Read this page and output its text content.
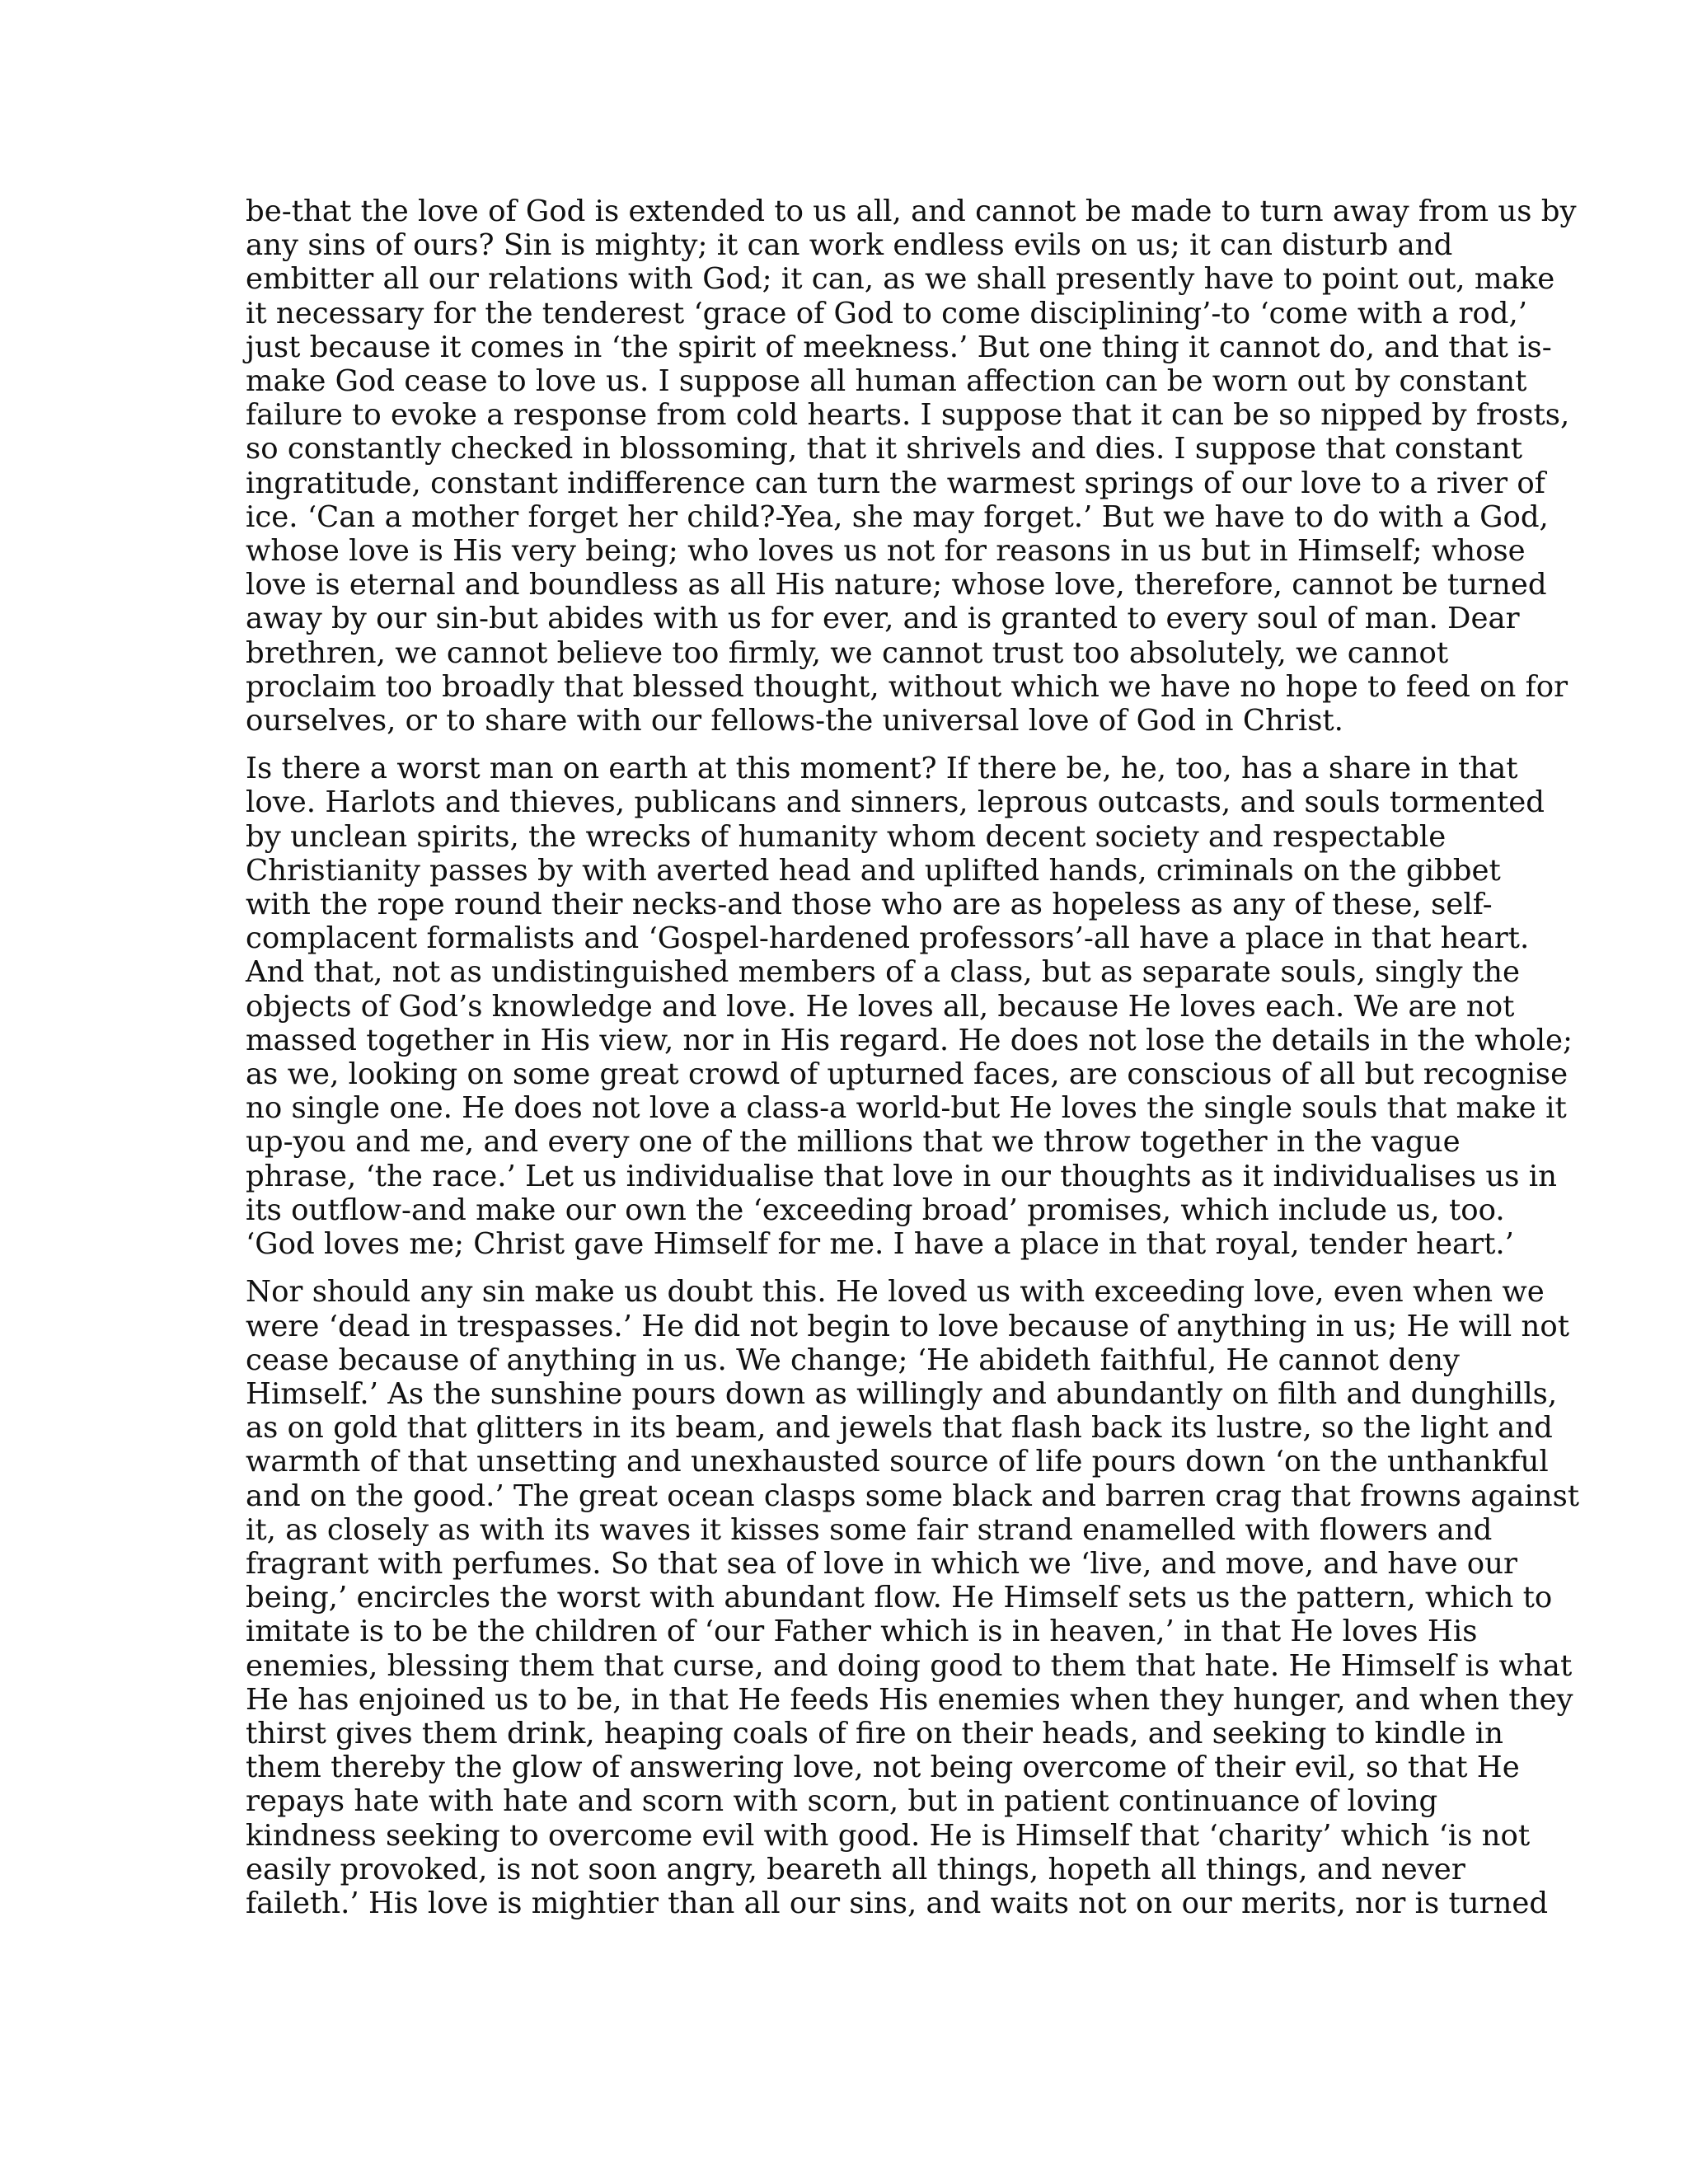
be-that the love of God is extended to us all, and cannot be made to turn away from us by
any sins of ours? Sin is mighty; it can work endless evils on us; it can disturb and
embitter all our relations with God; it can, as we shall presently have to point out, make
it necessary for the tenderest ‘grace of God to come disciplining’-to ‘come with a rod,’
just because it comes in ‘the spirit of meekness.’ But one thing it cannot do, and that is-
make God cease to love us. I suppose all human affection can be worn out by constant
failure to evoke a response from cold hearts. I suppose that it can be so nipped by frosts,
so constantly checked in blossoming, that it shrivels and dies. I suppose that constant
ingratitude, constant indifference can turn the warmest springs of our love to a river of
ice. ‘Can a mother forget her child?-Yea, she may forget.’ But we have to do with a God,
whose love is His very being; who loves us not for reasons in us but in Himself; whose
love is eternal and boundless as all His nature; whose love, therefore, cannot be turned
away by our sin-but abides with us for ever, and is granted to every soul of man. Dear
brethren, we cannot believe too firmly, we cannot trust too absolutely, we cannot
proclaim too broadly that blessed thought, without which we have no hope to feed on for
ourselves, or to share with our fellows-the universal love of God in Christ.

Is there a worst man on earth at this moment? If there be, he, too, has a share in that
love. Harlots and thieves, publicans and sinners, leprous outcasts, and souls tormented
by unclean spirits, the wrecks of humanity whom decent society and respectable
Christianity passes by with averted head and uplifted hands, criminals on the gibbet
with the rope round their necks-and those who are as hopeless as any of these, self-
complacent formalists and ‘Gospel-hardened professors’-all have a place in that heart.
And that, not as undistinguished members of a class, but as separate souls, singly the
objects of God’s knowledge and love. He loves all, because He loves each. We are not
massed together in His view, nor in His regard. He does not lose the details in the whole;
as we, looking on some great crowd of upturned faces, are conscious of all but recognise
no single one. He does not love a class-a world-but He loves the single souls that make it
up-you and me, and every one of the millions that we throw together in the vague
phrase, ‘the race.’ Let us individualise that love in our thoughts as it individualises us in
its outflow-and make our own the ‘exceeding broad’ promises, which include us, too.
‘God loves me; Christ gave Himself for me. I have a place in that royal, tender heart.’

Nor should any sin make us doubt this. He loved us with exceeding love, even when we
were ‘dead in trespasses.’ He did not begin to love because of anything in us; He will not
cease because of anything in us. We change; ‘He abideth faithful, He cannot deny
Himself.’ As the sunshine pours down as willingly and abundantly on filth and dunghills,
as on gold that glitters in its beam, and jewels that flash back its lustre, so the light and
warmth of that unsetting and unexhausted source of life pours down ‘on the unthankful
and on the good.’ The great ocean clasps some black and barren crag that frowns against
it, as closely as with its waves it kisses some fair strand enamelled with flowers and
fragrant with perfumes. So that sea of love in which we ‘live, and move, and have our
being,’ encircles the worst with abundant flow. He Himself sets us the pattern, which to
imitate is to be the children of ‘our Father which is in heaven,’ in that He loves His
enemies, blessing them that curse, and doing good to them that hate. He Himself is what
He has enjoined us to be, in that He feeds His enemies when they hunger, and when they
thirst gives them drink, heaping coals of fire on their heads, and seeking to kindle in
them thereby the glow of answering love, not being overcome of their evil, so that He
repays hate with hate and scorn with scorn, but in patient continuance of loving
kindness seeking to overcome evil with good. He is Himself that ‘charity’ which ‘is not
easily provoked, is not soon angry, beareth all things, hopeth all things, and never
faileth.’ His love is mightier than all our sins, and waits not on our merits, nor is turned
